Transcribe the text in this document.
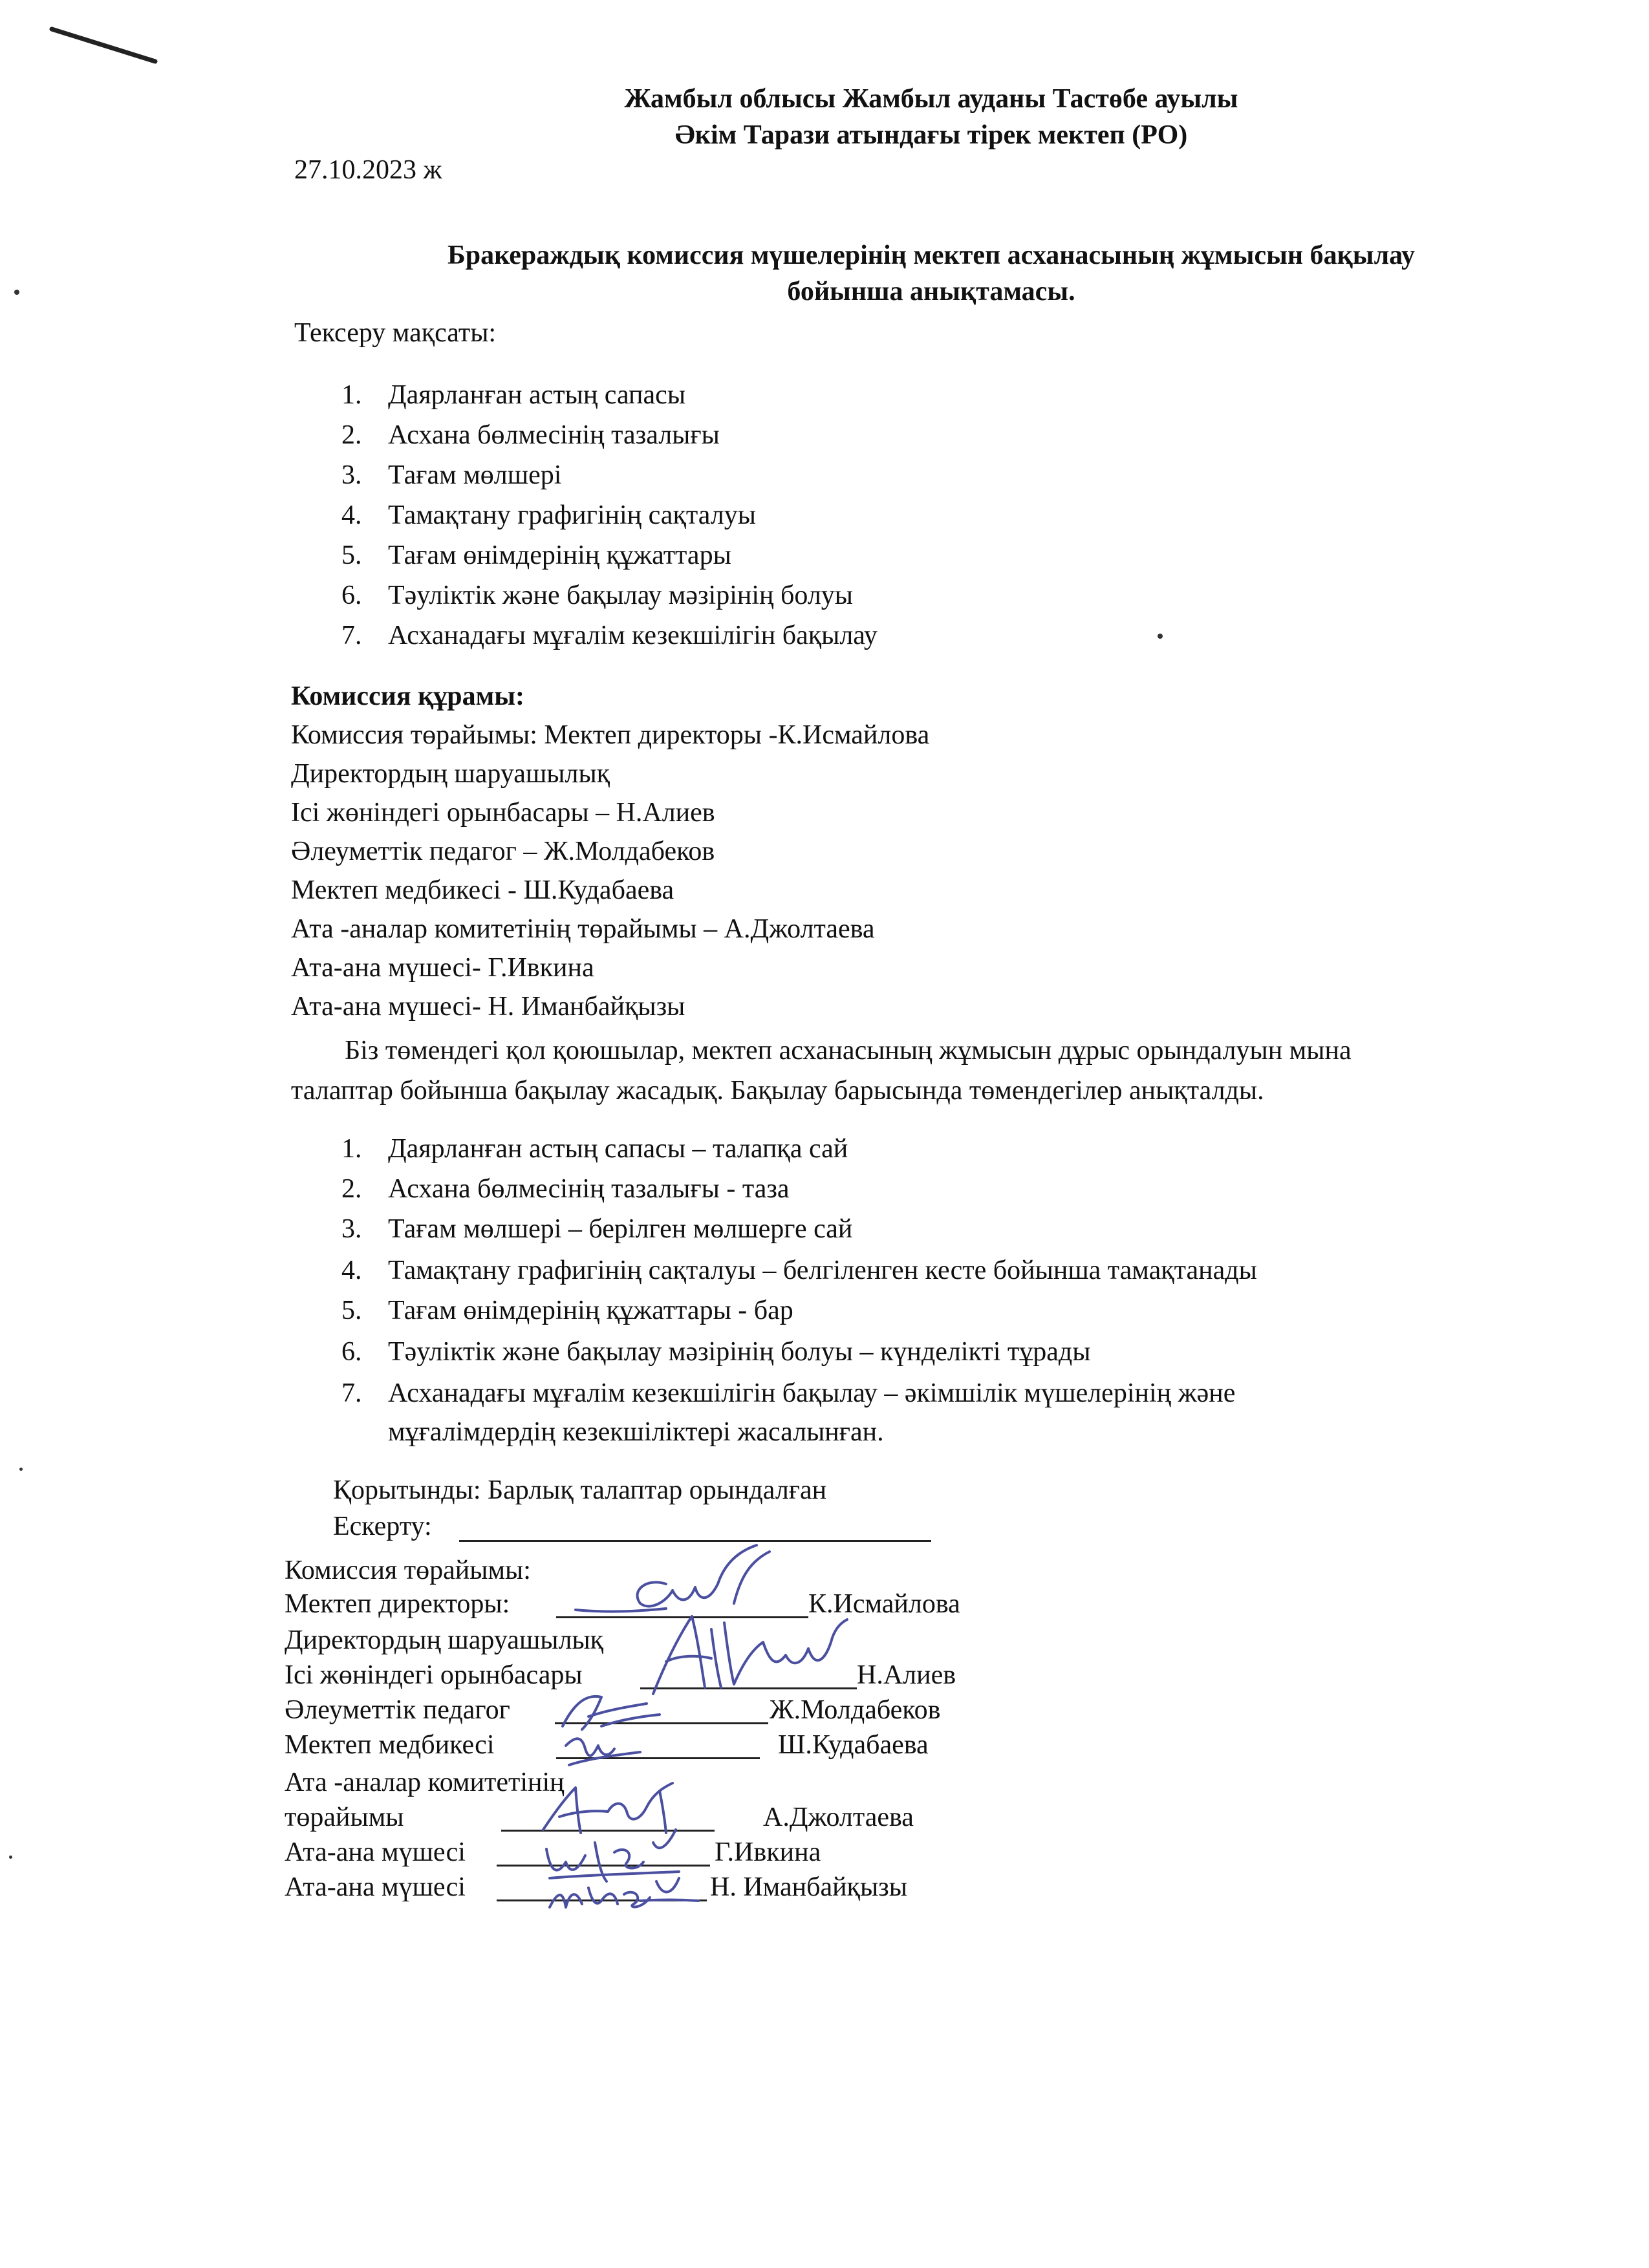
Жамбыл облысы Жамбыл ауданы Тастөбе ауылы
Әкім Тарази атындағы тірек мектеп (РО)
27.10.2023 ж
Бракераждық комиссия мүшелерінің мектеп асханасының жұмысын бақылау
бойынша анықтамасы.
Тексеру мақсаты:
1. Даярланған астың сапасы
2. Асхана бөлмесінің тазалығы
3. Тағам мөлшері
4. Тамақтану графигінің сақталуы
5. Тағам өнімдерінің құжаттары
6. Тәуліктік және бақылау мәзірінің болуы
7. Асханадағы мұғалім кезекшілігін бақылау
Комиссия құрамы:
Комиссия төрайымы: Мектеп директоры -К.Исмайлова
Директордың шаруашылық
Ісі жөніндегі орынбасары – Н.Алиев
Әлеуметтік педагог – Ж.Молдабеков
Мектеп медбикесі - Ш.Кудабаева
Ата -аналар комитетінің төрайымы – А.Джолтаева
Ата-ана мүшесі- Г.Ивкина
Ата-ана мүшесі- Н. Иманбайқызы
Біз төмендегі қол қоюшылар, мектеп асханасының жұмысын дұрыс орындалуын мына
талаптар бойынша бақылау жасадық. Бақылау барысында төмендегілер анықталды.
1. Даярланған астың сапасы – талапқа сай
2. Асхана бөлмесінің тазалығы - таза
3. Тағам мөлшері – берілген мөлшерге сай
4. Тамақтану графигінің сақталуы – белгіленген кесте бойынша тамақтанады
5. Тағам өнімдерінің құжаттары - бар
6. Тәуліктік және бақылау мәзірінің болуы – күнделікті тұрады
7. Асханадағы мұғалім кезекшілігін бақылау – әкімшілік мүшелерінің және
мұғалімдердің кезекшіліктері жасалынған.
Қорытынды: Барлық талаптар орындалған
Ескерту:
Комиссия төрайымы:
Мектеп директоры:	К.Исмайлова
Директордың шаруашылық
Ісі жөніндегі орынбасары	Н.Алиев
Әлеуметтік педагог	Ж.Молдабеков
Мектеп медбикесі	Ш.Кудабаева
Ата -аналар комитетінің
төрайымы	А.Джолтаева
Ата-ана мүшесі	Г.Ивкина
Ата-ана мүшесі	Н. Иманбайқызы
